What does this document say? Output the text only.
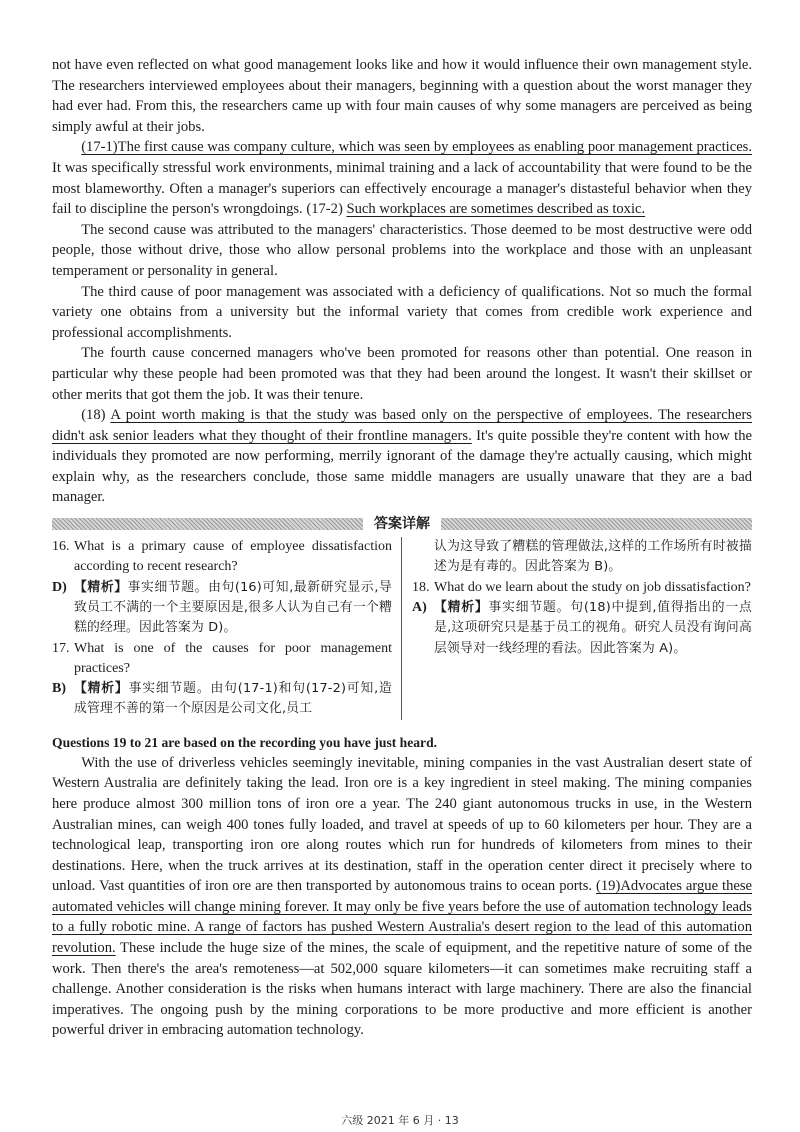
not have even reflected on what good management looks like and how it would influence their own management style. The researchers interviewed employees about their managers, beginning with a question about the worst manager they had ever had. From this, the researchers came up with four main causes of why some managers are perceived as being simply awful at their jobs.

(17-1)The first cause was company culture, which was seen by employees as enabling poor management practices. It was specifically stressful work environments, minimal training and a lack of accountability that were found to be the most blameworthy. Often a manager's superiors can effectively encourage a manager's distasteful behavior when they fail to discipline the person's wrongdoings. (17-2) Such workplaces are sometimes described as toxic.

The second cause was attributed to the managers' characteristics. Those deemed to be most destructive were odd people, those without drive, those who allow personal problems into the workplace and those with an unpleasant temperament or personality in general.

The third cause of poor management was associated with a deficiency of qualifications. Not so much the formal variety one obtains from a university but the informal variety that comes from credible work experience and professional accomplishments.

The fourth cause concerned managers who've been promoted for reasons other than potential. One reason in particular why these people had been promoted was that they had been around the longest. It wasn't their skillset or other merits that got them the job. It was their tenure.

(18) A point worth making is that the study was based only on the perspective of employees. The researchers didn't ask senior leaders what they thought of their frontline managers. It's quite possible they're content with how the individuals they promoted are now performing, merrily ignorant of the damage they're actually causing, which might explain why, as the researchers conclude, those same middle managers are usually unaware that they are a bad manager.

答案详解
16. What is a primary cause of employee dissatisfaction according to recent research?
D) 【精析】事实细节题。由句(16)可知,最新研究显示,导致员工不满的一个主要原因是,很多人认为自己有一个糟糕的经理。因此答案为 D)。
17. What is one of the causes for poor management practices?
B) 【精析】事实细节题。由句(17-1)和句(17-2)可知,造成管理不善的第一个原因是公司文化,员工
认为这导致了糟糕的管理做法,这样的工作场所有时被描述为是有毒的。因此答案为 B)。
18. What do we learn about the study on job dissatisfaction?
A) 【精析】事实细节题。句(18)中提到,值得指出的一点是,这项研究只是基于员工的视角。研究人员没有询问高层领导对一线经理的看法。因此答案为 A)。
Questions 19 to 21 are based on the recording you have just heard.

With the use of driverless vehicles seemingly inevitable, mining companies in the vast Australian desert state of Western Australia are definitely taking the lead. Iron ore is a key ingredient in steel making. The mining companies here produce almost 300 million tons of iron ore a year. The 240 giant autonomous trucks in use, in the Western Australian mines, can weigh 400 tones fully loaded, and travel at speeds of up to 60 kilometers per hour. They are a technological leap, transporting iron ore along routes which run for hundreds of kilometers from mines to their destinations. Here, when the truck arrives at its destination, staff in the operation center direct it precisely where to unload. Vast quantities of iron ore are then transported by autonomous trains to ocean ports. (19)Advocates argue these automated vehicles will change mining forever. It may only be five years before the use of automation technology leads to a fully robotic mine. A range of factors has pushed Western Australia's desert region to the lead of this automation revolution. These include the huge size of the mines, the scale of equipment, and the repetitive nature of some of the work. Then there's the area's remoteness—at 502,000 square kilometers—it can sometimes make recruiting staff a challenge. Another consideration is the risks when humans interact with large machinery. There are also the financial imperatives. The ongoing push by the mining corporations to be more productive and more efficient is another powerful driver in embracing automation technology.

六级 2021 年 6 月 · 13
